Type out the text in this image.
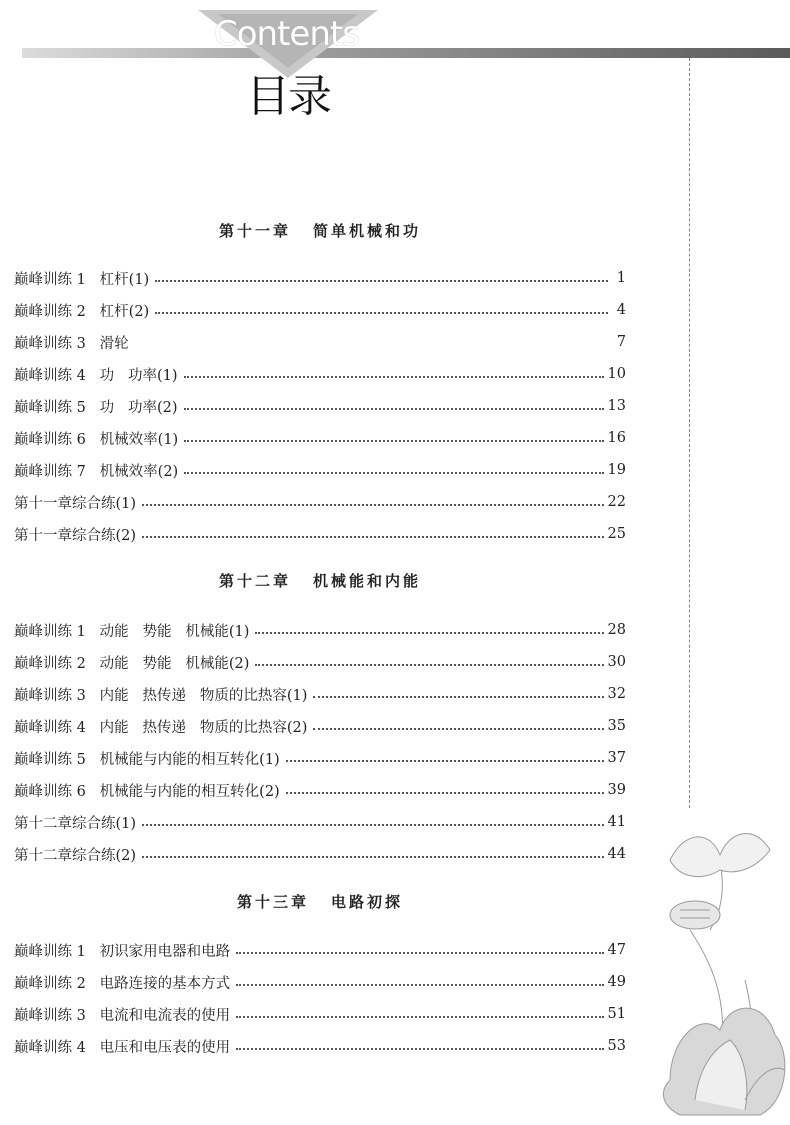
Contents
目录
第十一章 简单机械和功
巅峰训练 1   杠杆(1)	1
巅峰训练 2   杠杆(2)	4
巅峰训练 3   滑轮	7
巅峰训练 4   功   功率(1)	10
巅峰训练 5   功   功率(2)	13
巅峰训练 6   机械效率(1)	16
巅峰训练 7   机械效率(2)	19
第十一章综合练(1)	22
第十一章综合练(2)	25
第十二章 机械能和内能
巅峰训练 1   动能   势能   机械能(1)	28
巅峰训练 2   动能   势能   机械能(2)	30
巅峰训练 3   内能   热传递   物质的比热容(1)	32
巅峰训练 4   内能   热传递   物质的比热容(2)	35
巅峰训练 5   机械能与内能的相互转化(1)	37
巅峰训练 6   机械能与内能的相互转化(2)	39
第十二章综合练(1)	41
第十二章综合练(2)	44
第十三章 电路初探
巅峰训练 1   初识家用电器和电路	47
巅峰训练 2   电路连接的基本方式	49
巅峰训练 3   电流和电流表的使用	51
巅峰训练 4   电压和电压表的使用	53
